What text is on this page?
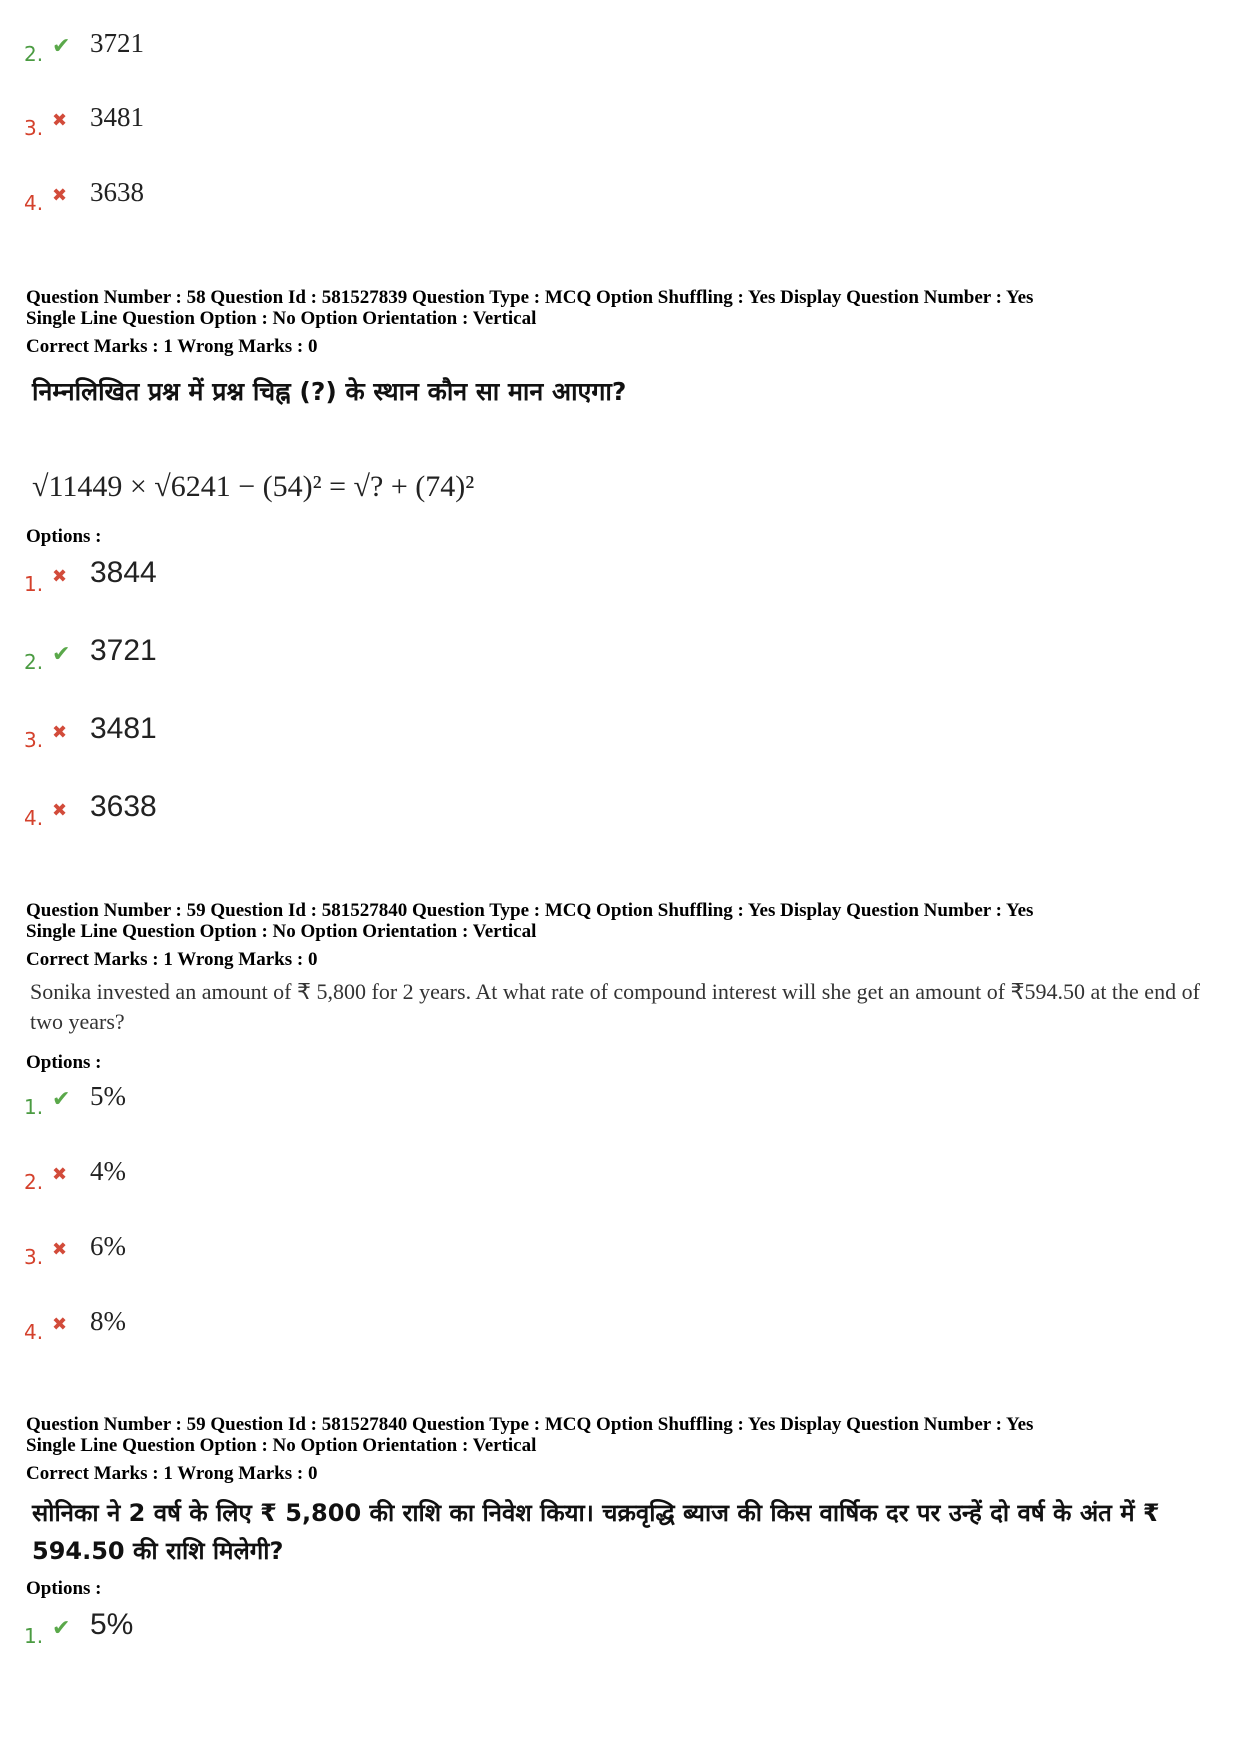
2. ✔ 3721
3. ✖ 3481
4. ✖ 3638
Question Number : 58 Question Id : 581527839 Question Type : MCQ Option Shuffling : Yes Display Question Number : Yes
Single Line Question Option : No Option Orientation : Vertical
Correct Marks : 1 Wrong Marks : 0
निम्नलिखित प्रश्न में प्रश्न चिह्न (?) के स्थान कौन सा मान आएगा?
√11449 × √6241 − (54)² = √? + (74)²
Options :
1. ✖ 3844
2. ✔ 3721
3. ✖ 3481
4. ✖ 3638
Question Number : 59 Question Id : 581527840 Question Type : MCQ Option Shuffling : Yes Display Question Number : Yes
Single Line Question Option : No Option Orientation : Vertical
Correct Marks : 1 Wrong Marks : 0
Sonika invested an amount of ₹ 5,800 for 2 years. At what rate of compound interest will she get an amount of ₹594.50 at the end of two years?
Options :
1. ✔ 5%
2. ✖ 4%
3. ✖ 6%
4. ✖ 8%
Question Number : 59 Question Id : 581527840 Question Type : MCQ Option Shuffling : Yes Display Question Number : Yes
Single Line Question Option : No Option Orientation : Vertical
Correct Marks : 1 Wrong Marks : 0
सोनिका ने 2 वर्ष के लिए ₹ 5,800 की राशि का निवेश किया। चक्रवृद्धि ब्याज की किस वार्षिक दर पर उन्हें दो वर्ष के अंत में ₹ 594.50 की राशि मिलेगी?
Options :
1. ✔ 5%
